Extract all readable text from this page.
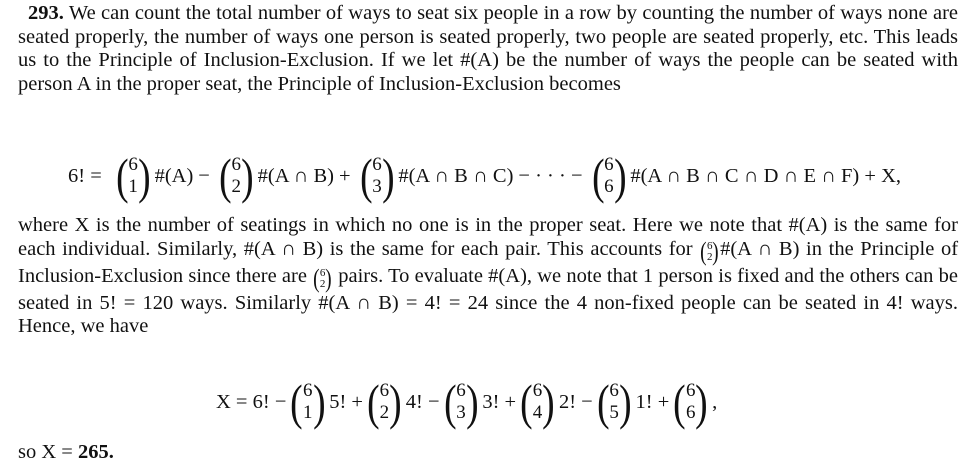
293. We can count the total number of ways to seat six people in a row by counting the number of ways none are seated properly, the number of ways one person is seated properly, two people are seated properly, etc. This leads us to the Principle of Inclusion-Exclusion. If we let #(A) be the number of ways the people can be seated with person A in the proper seat, the Principle of Inclusion-Exclusion becomes

6! = ( 6
1 ) #(A) − ( 6
2 ) #(A ∩ B) + ( 6
3 ) #(A ∩ B ∩ C) − · · · − ( 6
6 ) #(A ∩ B ∩ C ∩ D ∩ E ∩ F) + X,

where X is the number of seatings in which no one is in the proper seat. Here we note that #(A) is the same for each individual. Similarly, #(A ∩ B) is the same for each pair. This accounts for ( 6
2 ) #(A ∩ B) in the Principle of Inclusion-Exclusion since there are ( 6
2 ) pairs. To evaluate #(A), we note that 1 person is fixed and the others can be seated in 5! = 120 ways. Similarly #(A ∩ B) = 4! = 24 since the 4 non-fixed people can be seated in 4! ways. Hence, we have

X = 6! − ( 6
1 ) 5! + ( 6
2 ) 4! − ( 6
3 ) 3! + ( 6
4 ) 2! − ( 6
5 ) 1! + ( 6
6 ) ,

so X = 265.
